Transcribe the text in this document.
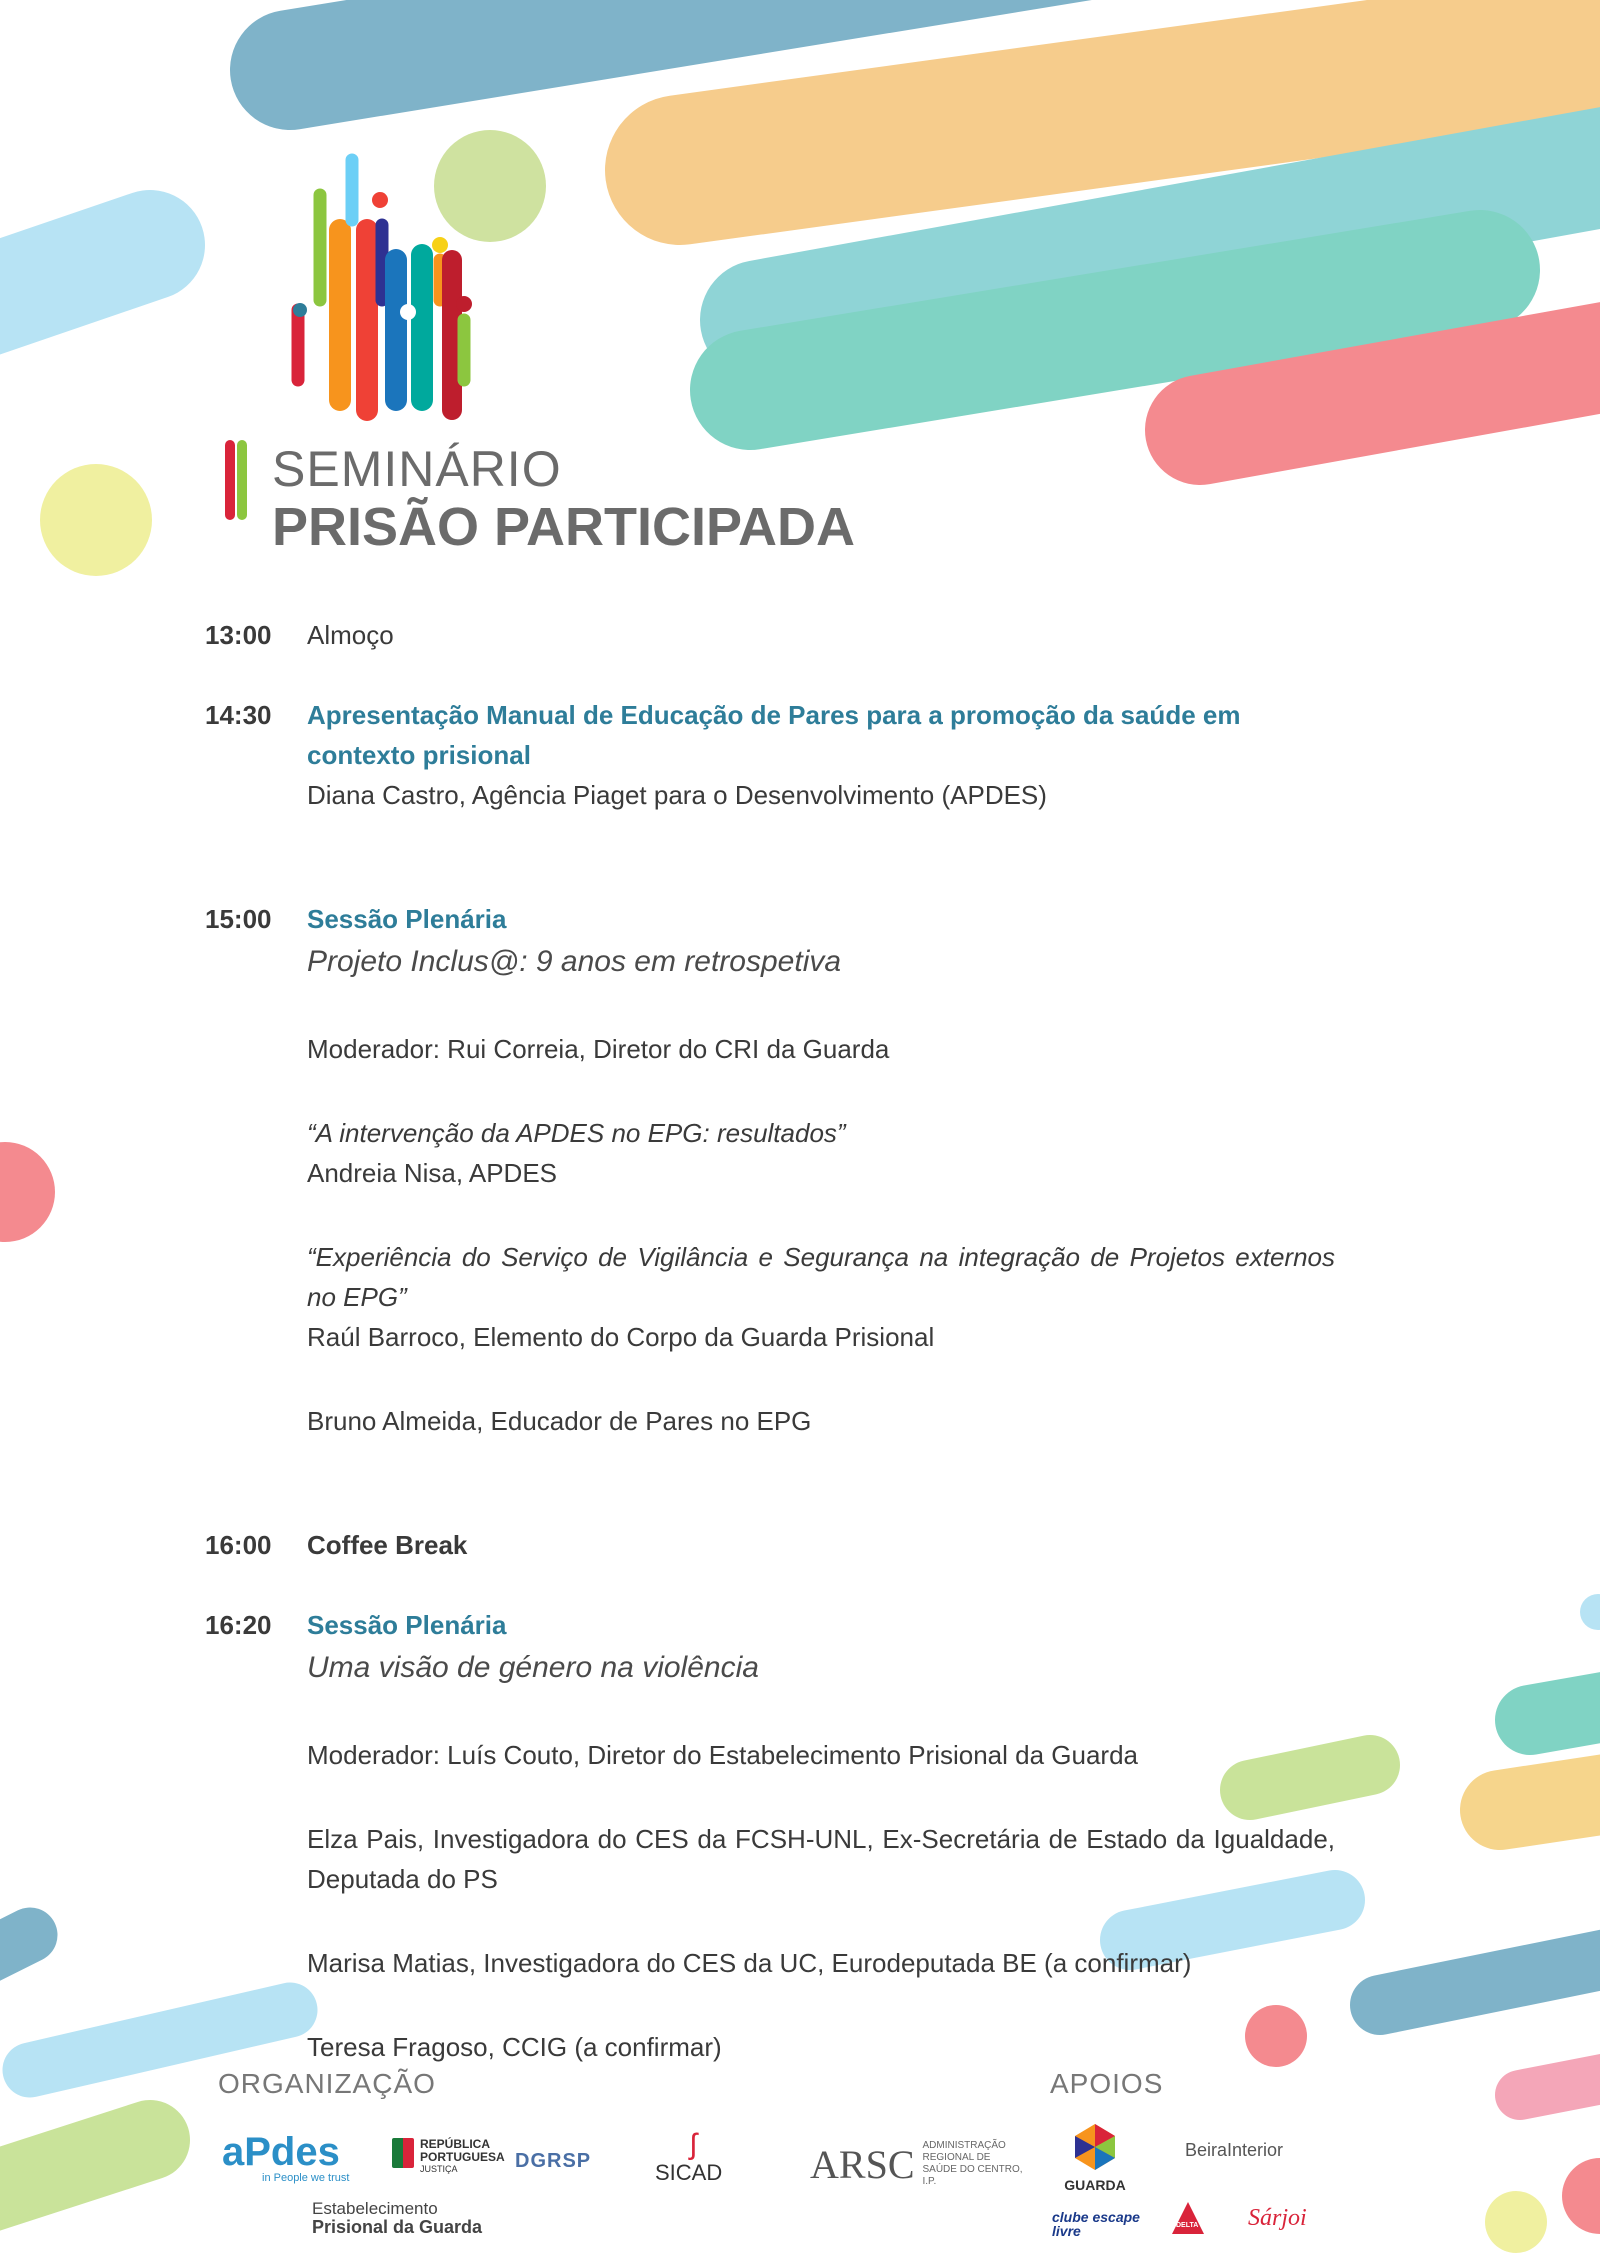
SEMINÁRIO
PRISÃO PARTICIPADA
13:00	Almoço
14:30	Apresentação Manual de Educação de Pares para a promoção da saúde em contexto prisional
Diana Castro, Agência Piaget para o Desenvolvimento (APDES)
15:00	Sessão Plenária
Projeto Inclus@: 9 anos em retrospetiva
Moderador: Rui Correia, Diretor do CRI da Guarda
“A intervenção da APDES no EPG: resultados”
Andreia Nisa, APDES
“Experiência do Serviço de Vigilância e Segurança na integração de Projetos externos no EPG”
Raúl Barroco, Elemento do Corpo da Guarda Prisional
Bruno Almeida, Educador de Pares no EPG
16:00	Coffee Break
16:20	Sessão Plenária
Uma visão de género na violência
Moderador: Luís Couto, Diretor do Estabelecimento Prisional da Guarda
Elza Pais, Investigadora do CES da FCSH-UNL, Ex-Secretária de Estado da Igualdade, Deputada do PS
Marisa Matias, Investigadora do CES da UC, Eurodeputada BE (a confirmar)
Teresa Fragoso, CCIG (a confirmar)
ORGANIZAÇÃO	APOIOS
aPdes
in People we trust
REPÚBLICA PORTUGUESA
JUSTIÇA	DGRSP	ʃ
SICAD ARSC ADMINISTRAÇÃO REGIONAL DE SAÚDE DO CENTRO, I.P.
Estabelecimento
Prisional da Guarda
GUARDA
BeiraInterior
clube escape livre	DELTA Sárjoi
